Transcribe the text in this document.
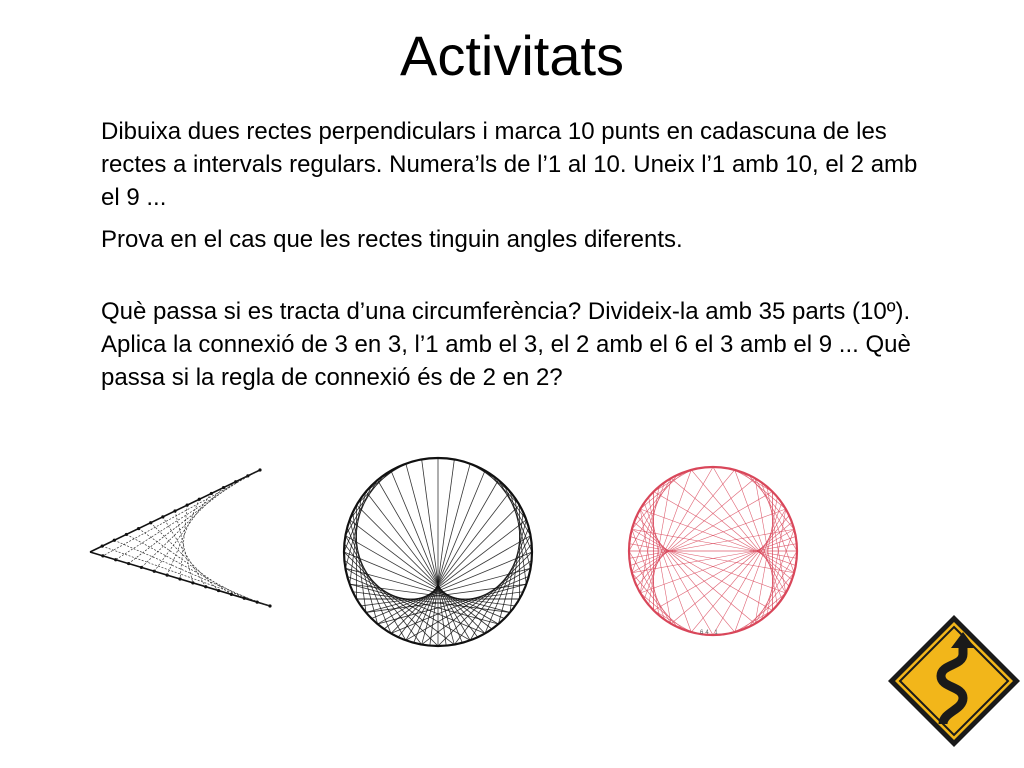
Activitats

Dibuixa dues rectes perpendiculars i marca 10 punts en cadascuna de les rectes a intervals regulars. Numera’ls de l’1 al 10. Uneix l’1 amb 10, el 2 amb el 9 ...

Prova en el cas que les rectes tinguin angles diferents.

Què passa si es tracta d’una circumferència? Divideix-la amb 35 parts (10º). Aplica la connexió de 3 en 3, l’1 amb el 3, el 2 amb el 6 el 3 amb el 9 ... Què passa si la regla de connexió és de 2 en 2?

64 1
